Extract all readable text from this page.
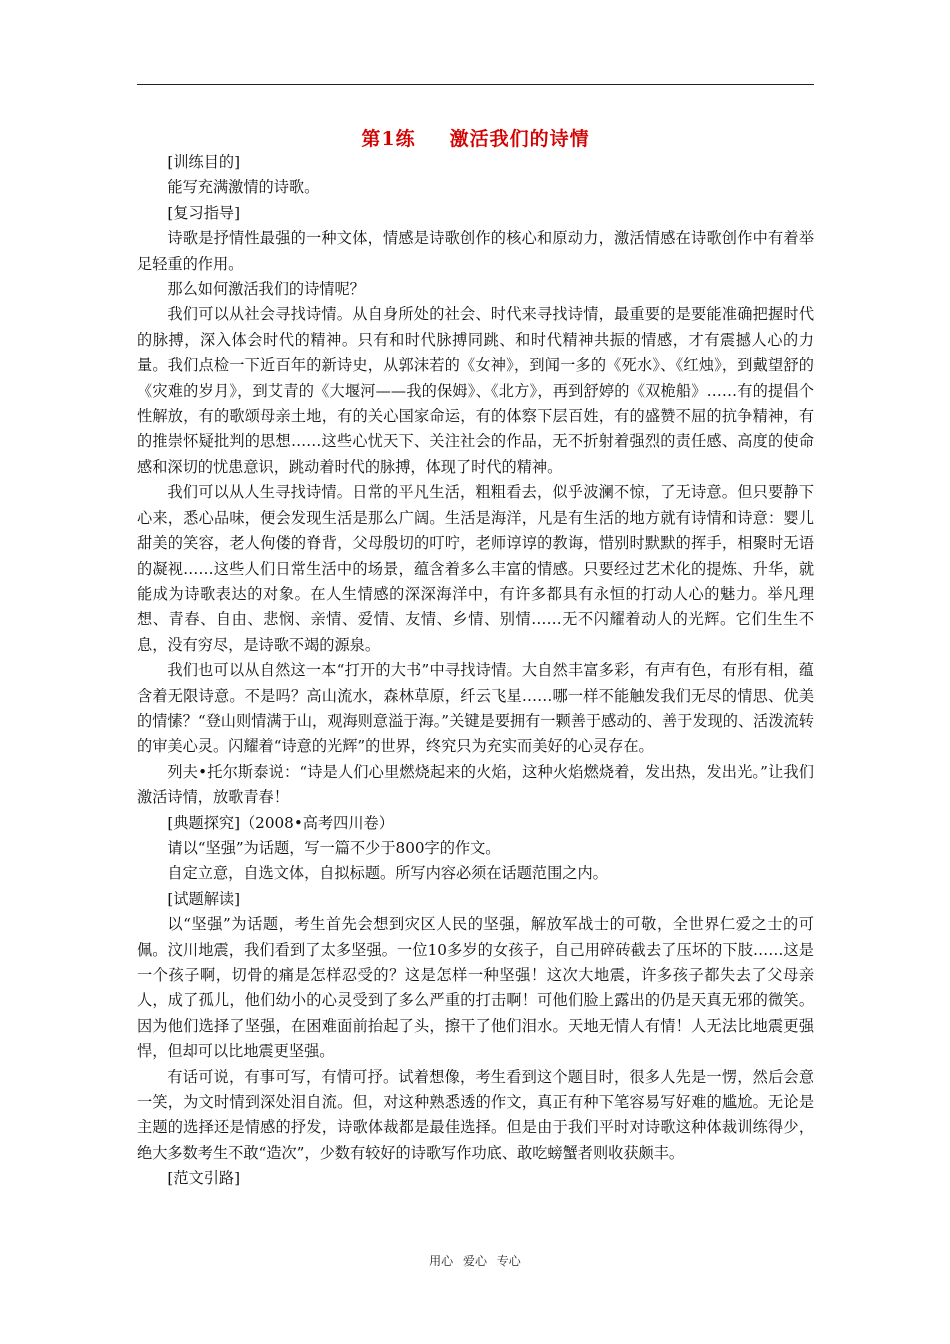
第1练 激活我们的诗情

[训练目的]

能写充满激情的诗歌。

[复习指导]

诗歌是抒情性最强的一种文体，情感是诗歌创作的核心和原动力，激活情感在诗歌创作中有着举足轻重的作用。

那么如何激活我们的诗情呢？

我们可以从社会寻找诗情。从自身所处的社会、时代来寻找诗情，最重要的是要能准确把握时代的脉搏，深入体会时代的精神。只有和时代脉搏同跳、和时代精神共振的情感，才有震撼人心的力量。我们点检一下近百年的新诗史，从郭沫若的《女神》，到闻一多的《死水》、《红烛》，到戴望舒的《灾难的岁月》，到艾青的《大堰河——我的保姆》、《北方》，再到舒婷的《双桅船》……有的提倡个性解放，有的歌颂母亲土地，有的关心国家命运，有的体察下层百姓，有的盛赞不屈的抗争精神，有的推崇怀疑批判的思想……这些心忧天下、关注社会的作品，无不折射着强烈的责任感、高度的使命感和深切的忧患意识，跳动着时代的脉搏，体现了时代的精神。

我们可以从人生寻找诗情。日常的平凡生活，粗粗看去，似乎波澜不惊，了无诗意。但只要静下心来，悉心品味，便会发现生活是那么广阔。生活是海洋，凡是有生活的地方就有诗情和诗意：婴儿甜美的笑容，老人佝偻的脊背，父母殷切的叮咛，老师谆谆的教诲，惜别时默默的挥手，相聚时无语的凝视……这些人们日常生活中的场景，蕴含着多么丰富的情感。只要经过艺术化的提炼、升华，就能成为诗歌表达的对象。在人生情感的深深海洋中，有许多都具有永恒的打动人心的魅力。举凡理想、青春、自由、悲悯、亲情、爱情、友情、乡情、别情……无不闪耀着动人的光辉。它们生生不息，没有穷尽，是诗歌不竭的源泉。

我们也可以从自然这一本“打开的大书”中寻找诗情。大自然丰富多彩，有声有色，有形有相，蕴含着无限诗意。不是吗？高山流水，森林草原，纤云飞星……哪一样不能触发我们无尽的情思、优美的情愫？“登山则情满于山，观海则意溢于海。”关键是要拥有一颗善于感动的、善于发现的、活泼流转的审美心灵。闪耀着“诗意的光辉”的世界，终究只为充实而美好的心灵存在。

列夫•托尔斯泰说：“诗是人们心里燃烧起来的火焰，这种火焰燃烧着，发出热，发出光。”让我们激活诗情，放歌青春！

[典题探究]（2008•高考四川卷）

请以“坚强”为话题，写一篇不少于800字的作文。

自定立意，自选文体，自拟标题。所写内容必须在话题范围之内。

[试题解读]

以“坚强”为话题，考生首先会想到灾区人民的坚强，解放军战士的可敬，全世界仁爱之士的可佩。汶川地震，我们看到了太多坚强。一位10多岁的女孩子，自己用碎砖截去了压坏的下肢……这是一个孩子啊，切骨的痛是怎样忍受的？这是怎样一种坚强！这次大地震，许多孩子都失去了父母亲人，成了孤儿，他们幼小的心灵受到了多么严重的打击啊！可他们脸上露出的仍是天真无邪的微笑。因为他们选择了坚强，在困难面前抬起了头，擦干了他们泪水。天地无情人有情！人无法比地震更强悍，但却可以比地震更坚强。

有话可说，有事可写，有情可抒。试着想像，考生看到这个题目时，很多人先是一愣，然后会意一笑，为文时情到深处泪自流。但，对这种熟悉透的作文，真正有种下笔容易写好难的尴尬。无论是主题的选择还是情感的抒发，诗歌体裁都是最佳选择。但是由于我们平时对诗歌这种体裁训练得少，绝大多数考生不敢“造次”，少数有较好的诗歌写作功底、敢吃螃蟹者则收获颇丰。

[范文引路]

用心 爱心 专心
